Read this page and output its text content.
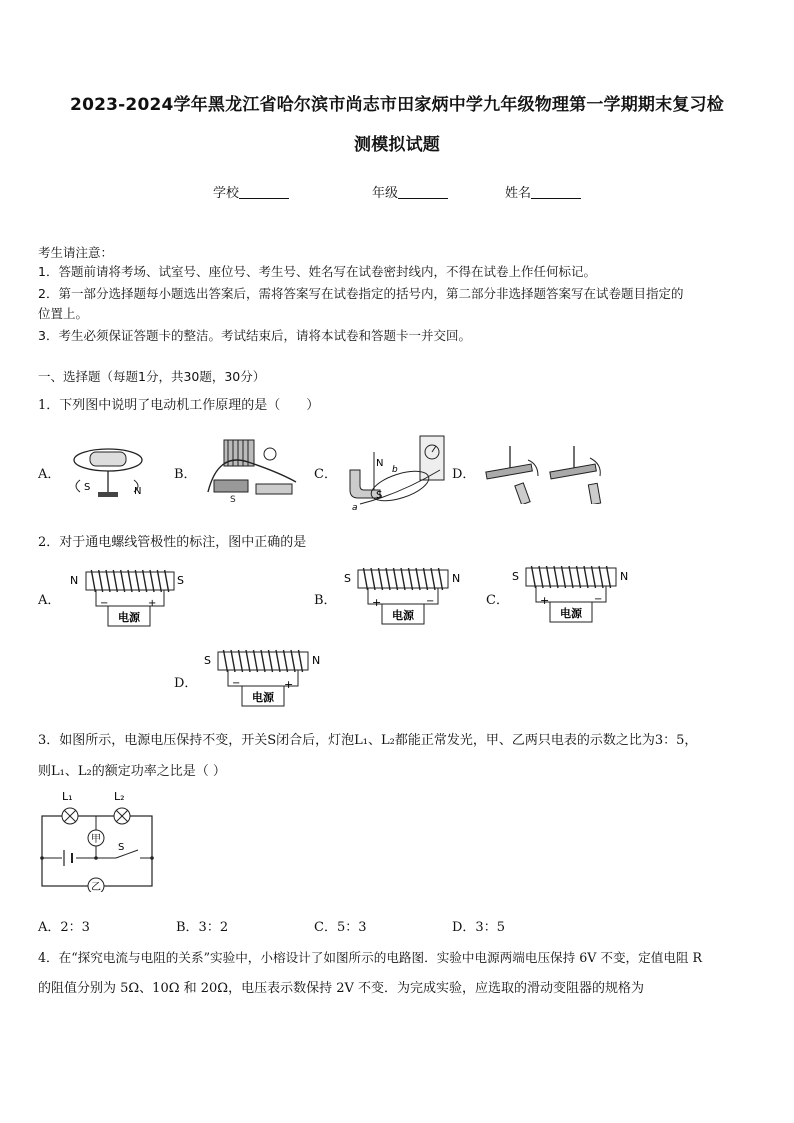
2023-2024学年黑龙江省哈尔滨市尚志市田家炳中学九年级物理第一学期期末复习检
测模拟试题
学校	年级	姓名
考生请注意：
1．答题前请将考场、试室号、座位号、考生号、姓名写在试卷密封线内，不得在试卷上作任何标记。
2．第一部分选择题每小题选出答案后，需将答案写在试卷指定的括号内，第二部分非选择题答案写在试卷题目指定的
位置上。
3．考生必须保证答题卡的整洁。考试结束后，请将本试卷和答题卡一并交回。
一、选择题（每题1分，共30题，30分）
1．下列图中说明了电动机工作原理的是（　　）
A．
S	N
B．
S
C．
N
S
b
a
D．
2．对于通电螺线管极性的标注，图中正确的是
A．
电源
−	+
N	S
B．
电源
+	−
S	N
C．
电源
+	−
S	N
D．
电源
−	+
S	N
3．如图所示，电源电压保持不变，开关S闭合后，灯泡L₁、L₂都能正常发光，甲、乙两只电表的示数之比为3：5，
则L₁、L₂的额定功率之比是（ ）
甲
S
乙
L₁	L₂
A．2：3	B．3：2	C．5：3	D．3：5
4．在“探究电流与电阻的关系”实验中，小榕设计了如图所示的电路图．实验中电源两端电压保持 6V 不变，定值电阻 R
的阻值分别为 5Ω、10Ω 和 20Ω，电压表示数保持 2V 不变．为完成实验，应选取的滑动变阻器的规格为
